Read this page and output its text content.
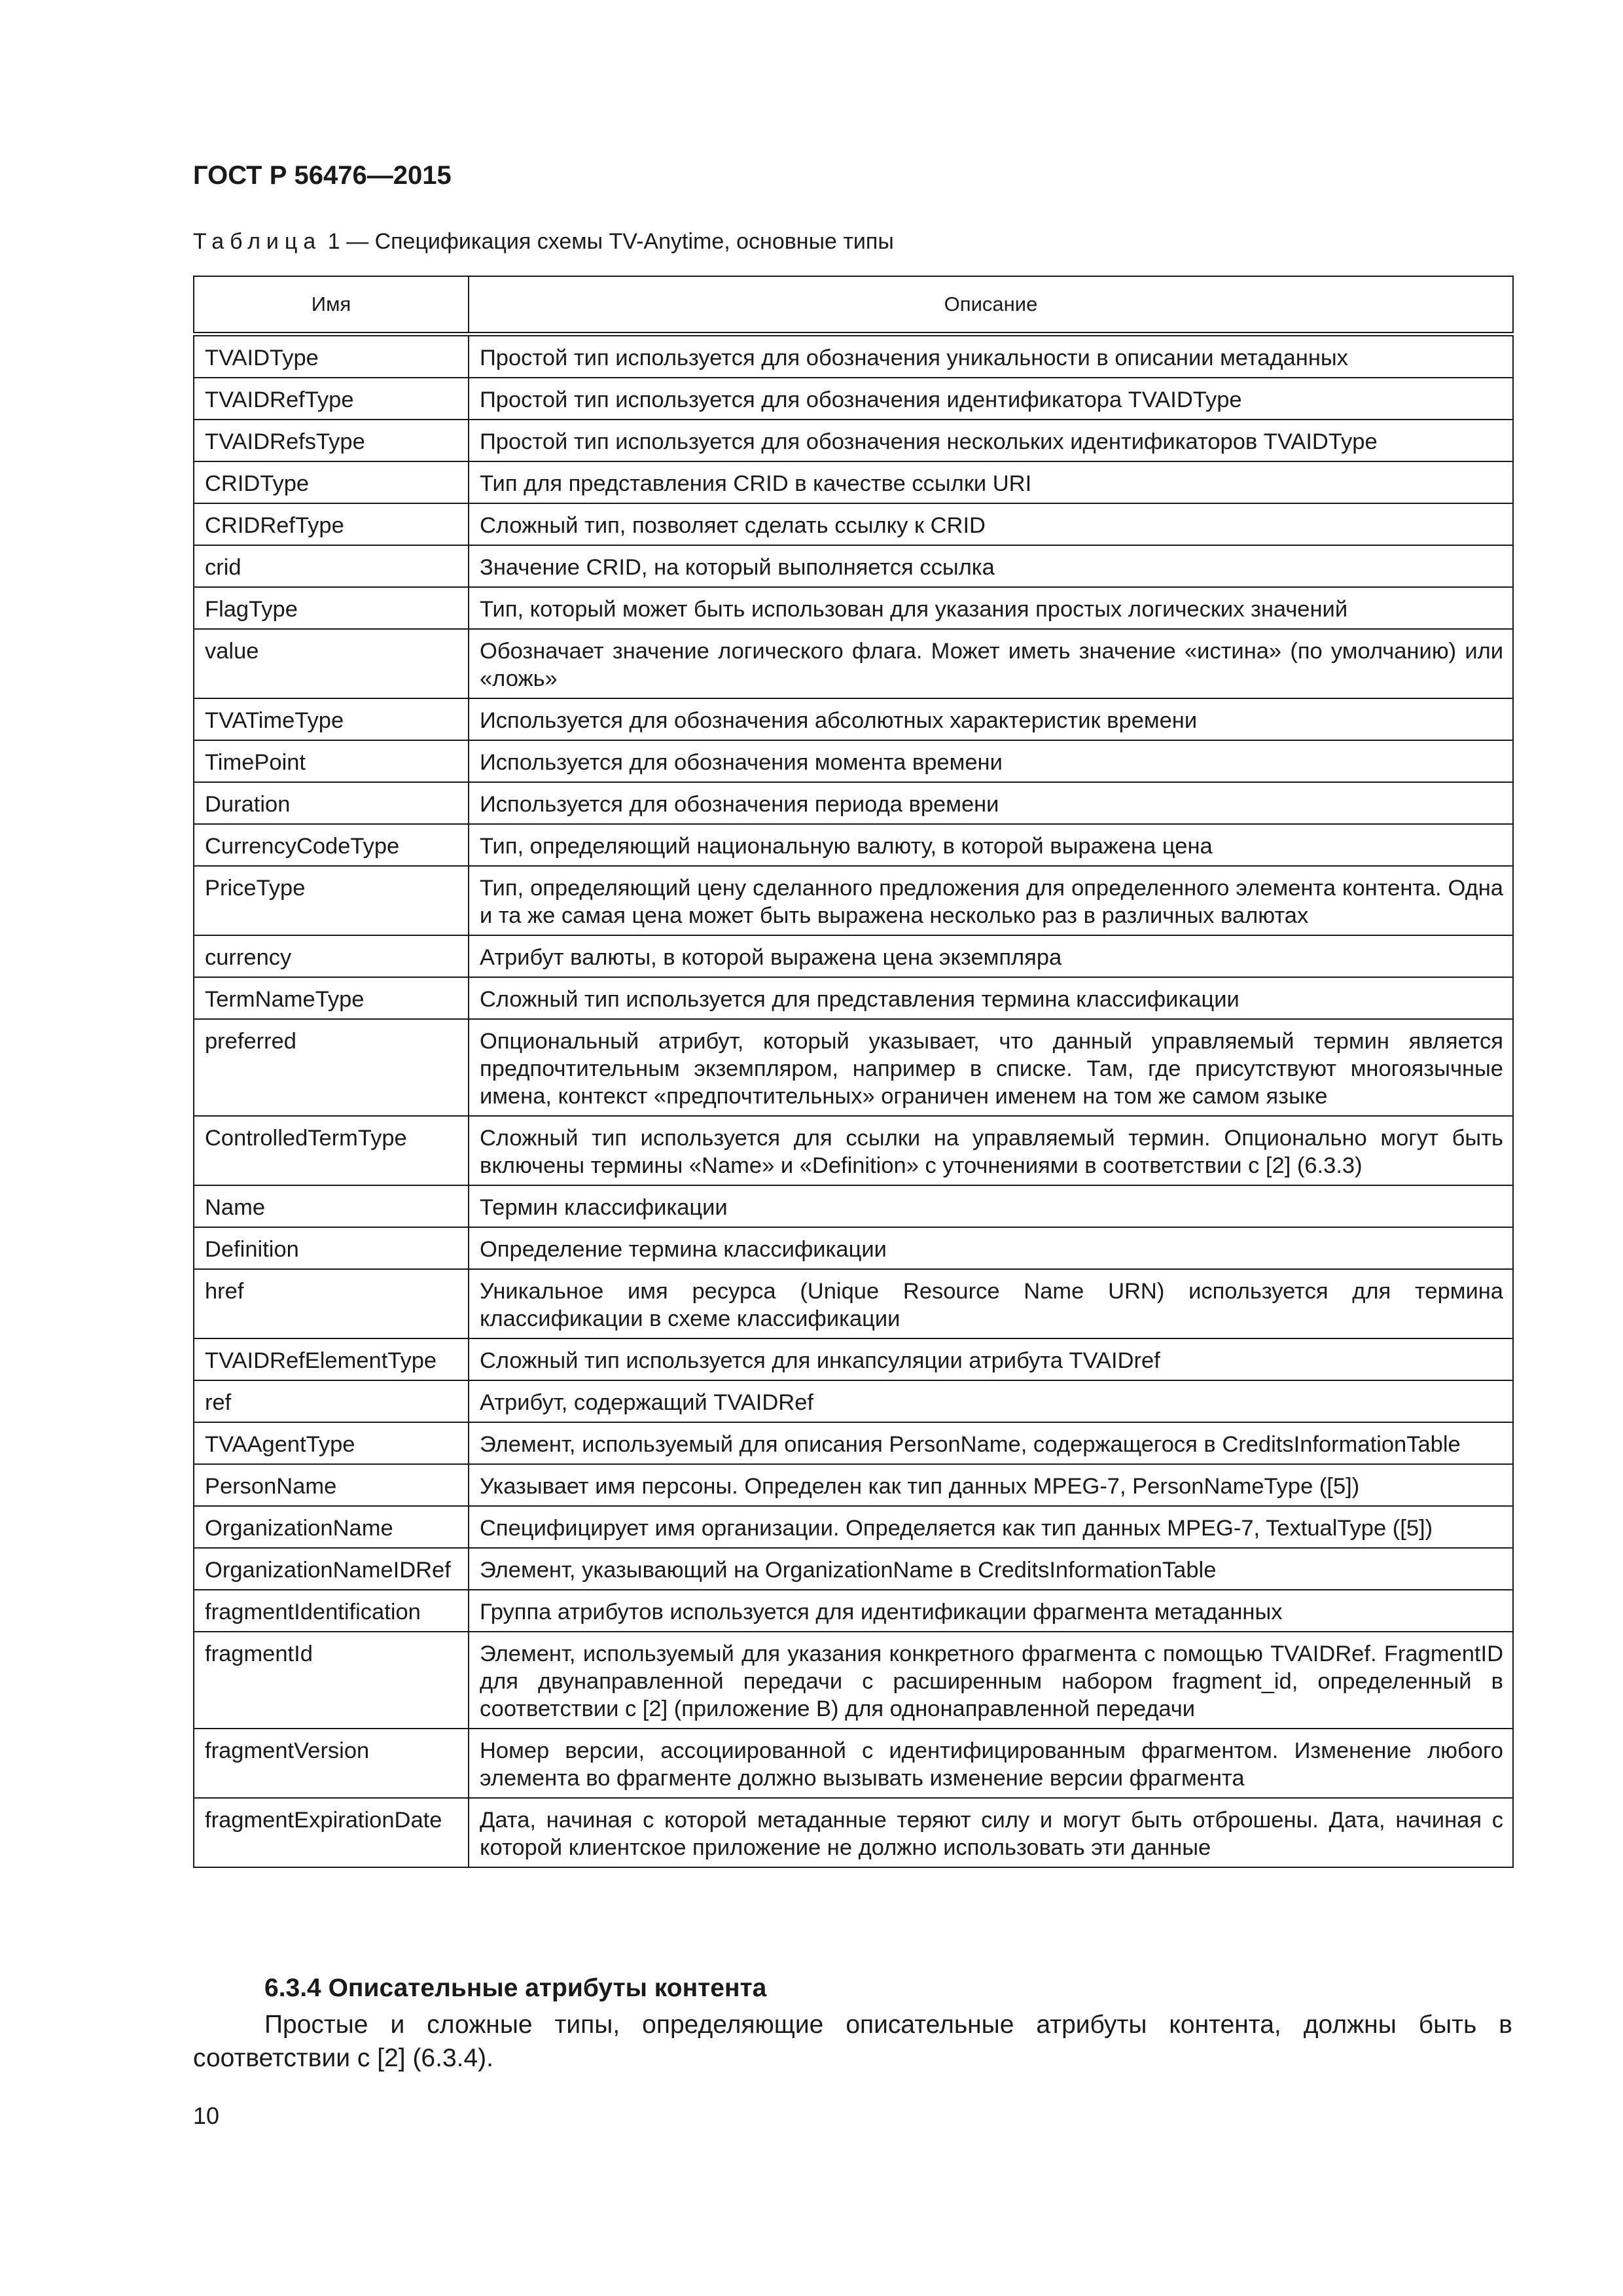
ГОСТ Р 56476—2015

Таблица 1 — Спецификация схемы TV-Anytime, основные типы

Имя	Описание
TVAIDType	Простой тип используется для обозначения уникальности в описании метаданных
TVAIDRefType	Простой тип используется для обозначения идентификатора TVAIDType
TVAIDRefsType	Простой тип используется для обозначения нескольких идентификаторов TVAIDType
CRIDType	Тип для представления CRID в качестве ссылки URI
CRIDRefType	Сложный тип, позволяет сделать ссылку к CRID
crid	Значение CRID, на который выполняется ссылка
FlagType	Тип, который может быть использован для указания простых логических значений
value	Обозначает значение логического флага. Может иметь значение «истина» (по умолчанию) или «ложь»
TVATimeType	Используется для обозначения абсолютных характеристик времени
TimePoint	Используется для обозначения момента времени
Duration	Используется для обозначения периода времени
CurrencyCodeType	Тип, определяющий национальную валюту, в которой выражена цена
PriceType	Тип, определяющий цену сделанного предложения для определенного элемента контента. Одна и та же самая цена может быть выражена несколько раз в различных валютах
currency	Атрибут валюты, в которой выражена цена экземпляра
TermNameType	Сложный тип используется для представления термина классификации
preferred	Опциональный атрибут, который указывает, что данный управляемый термин является предпочтительным экземпляром, например в списке. Там, где присутствуют многоязычные имена, контекст «предпочтительных» ограничен именем на том же самом языке
ControlledTermType	Сложный тип используется для ссылки на управляемый термин. Опционально могут быть включены термины «Name» и «Definition» с уточнениями в соответствии с [2] (6.3.3)
Name	Термин классификации
Definition	Определение термина классификации
href	Уникальное имя ресурса (Unique Resource Name URN) используется для термина классификации в схеме классификации
TVAIDRefElementType	Сложный тип используется для инкапсуляции атрибута TVAIDref
ref	Атрибут, содержащий TVAIDRef
TVAAgentType	Элемент, используемый для описания PersonName, содержащегося в CreditsInformationTable
PersonName	Указывает имя персоны. Определен как тип данных MPEG-7, PersonNameType ([5])
OrganizationName	Специфицирует имя организации. Определяется как тип данных MPEG-7, TextualType ([5])
OrganizationNameIDRef	Элемент, указывающий на OrganizationName в CreditsInformationTable
fragmentIdentification	Группа атрибутов используется для идентификации фрагмента метаданных
fragmentId	Элемент, используемый для указания конкретного фрагмента с помощью TVAIDRef. FragmentID для двунаправленной передачи с расширенным набором fragment_id, определенный в соответствии с [2] (приложение B) для однонаправленной передачи
fragmentVersion	Номер версии, ассоциированной с идентифицированным фрагментом. Изменение любого элемента во фрагменте должно вызывать изменение версии фрагмента
fragmentExpirationDate	Дата, начиная с которой метаданные теряют силу и могут быть отброшены. Дата, начиная с которой клиентское приложение не должно использовать эти данные

6.3.4 Описательные атрибуты контента

Простые и сложные типы, определяющие описательные атрибуты контента, должны быть в соответствии с [2] (6.3.4).

10
